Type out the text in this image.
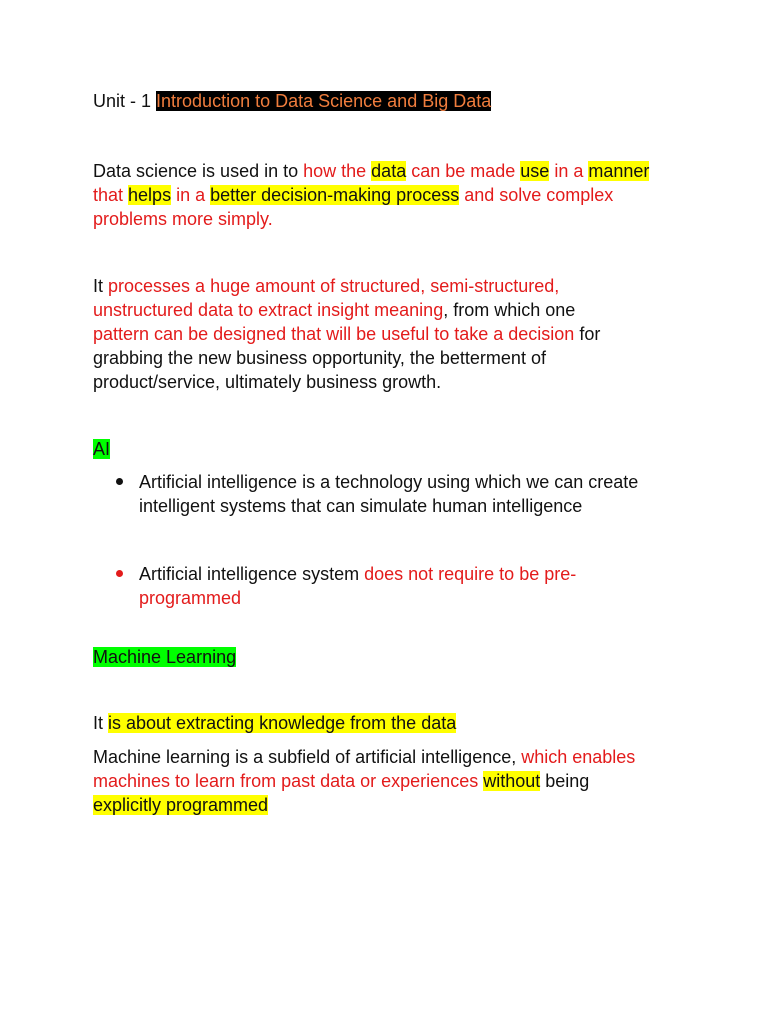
Unit - 1 Introduction to Data Science and Big Data
Data science is used in to how the data can be made use in a manner
that helps in a better decision-making process and solve complex
problems more simply.
It processes a huge amount of structured, semi-structured,
unstructured data to extract insight meaning, from which one
pattern can be designed that will be useful to take a decision for
grabbing the new business opportunity, the betterment of
product/service, ultimately business growth.
AI
Artificial intelligence is a technology using which we can create
intelligent systems that can simulate human intelligence
Artificial intelligence system does not require to be pre-
programmed
Machine Learning
It is about extracting knowledge from the data
Machine learning is a subfield of artificial intelligence, which enables
machines to learn from past data or experiences without being
explicitly programmed
